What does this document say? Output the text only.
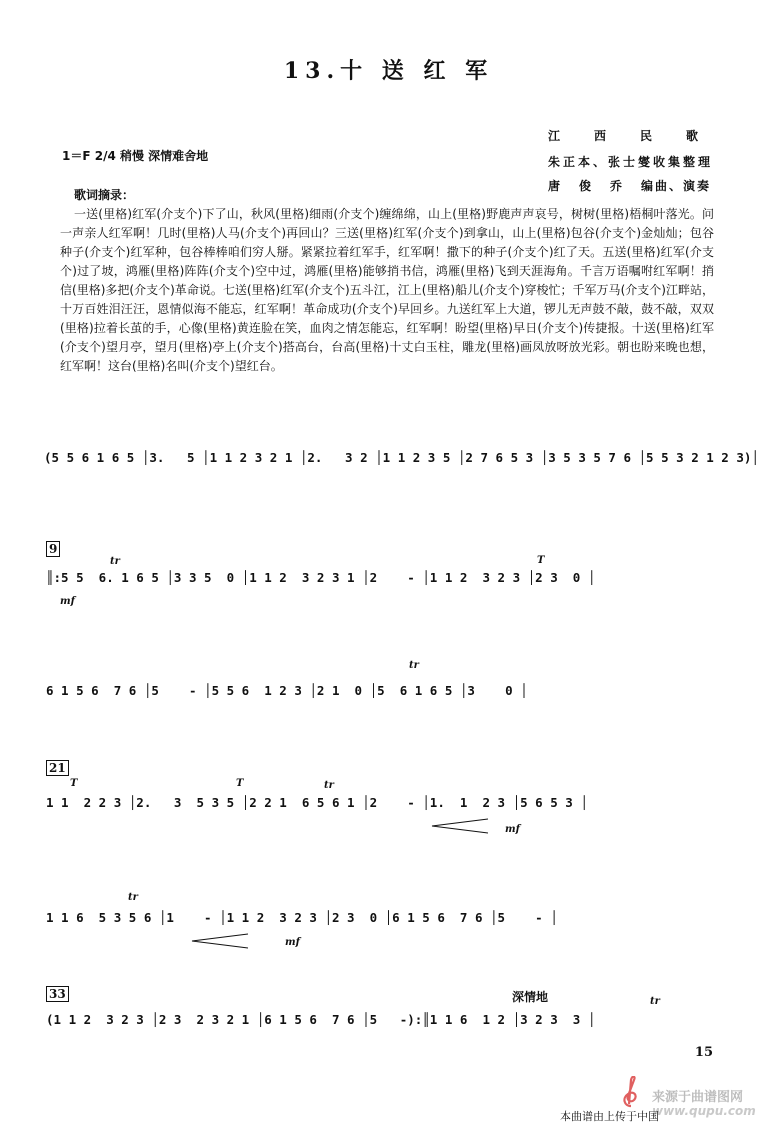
13.十 送 红 军
1＝F 2/4 稍慢 深情难舍地
江西民歌
朱正本、张士燮收集整理
唐俊乔编曲、演奏
歌词摘录：
一送(里格)红军(介支个)下了山，秋风(里格)细雨(介支个)缠绵绵，山上(里格)野鹿声声哀号，树树(里格)梧桐叶落光。问一声亲人红军啊！几时(里格)人马(介支个)再回山？三送(里格)红军(介支个)到拿山，山上(里格)包谷(介支个)金灿灿；包谷种子(介支个)红军种，包谷棒棒咱们穷人掰。紧紧拉着红军手，红军啊！撒下的种子(介支个)红了天。五送(里格)红军(介支个)过了坡，鸿雁(里格)阵阵(介支个)空中过，鸿雁(里格)能够捎书信，鸿雁(里格)飞到天涯海角。千言万语嘱咐红军啊！捎信(里格)多把(介支个)革命说。七送(里格)红军(介支个)五斗江，江上(里格)船儿(介支个)穿梭忙；千军万马(介支个)江畔站，十万百姓泪汪汪，恩情似海不能忘，红军啊！革命成功(介支个)早回乡。九送红军上大道，锣儿无声鼓不敲，鼓不敲，双双(里格)拉着长茧的手，心像(里格)黄连脸在笑，血肉之情怎能忘，红军啊！盼望(里格)早日(介支个)传捷报。十送(里格)红军(介支个)望月亭，望月(里格)亭上(介支个)搭高台，台高(里格)十丈白玉柱，雕龙(里格)画凤放呀放光彩。朝也盼来晚也想，红军啊！这台(里格)名叫(介支个)望红台。
(5 5 6 1 6 5 │3.   5 │1 1 2 3 2 1 │2.   3 2 │1 1 2 3 5 │2 7 6 5 3 │3 5 3 5 7 6 │5 5 3 2 1 2 3)│
9
tr
║:5 5  6. 1 6 5 │3 3 5  0 │1 1 2  3 2 3 1 │2    - │1 1 2  3 2 3 │2 3  0 │
mf
T
6 1 5 6  7 6 │5    - │5 5 6  1 2 3 │2 1  0 │5  6 1 6 5 │3    0 │
tr
21
1 1  2 2 3 │2.   3  5 3 5 │2 2 1  6 5 6 1 │2    - │1.  1  2 3 │5 6 5 3 │
T	T	tr
mf
1 1 6  5 3 5 6 │1    - │1 1 2  3 2 3 │2 3  0 │6 1 5 6  7 6 │5    - │
tr
mf
33	深情地	tr
(1 1 2  3 2 3 │2 3  2 3 2 1 │6 1 5 6  7 6 │5   -):║1 1 6  1 2 │3 2 3  3 │
15
来源于曲谱图网
www.qupu.com
本曲谱由上传于中国
